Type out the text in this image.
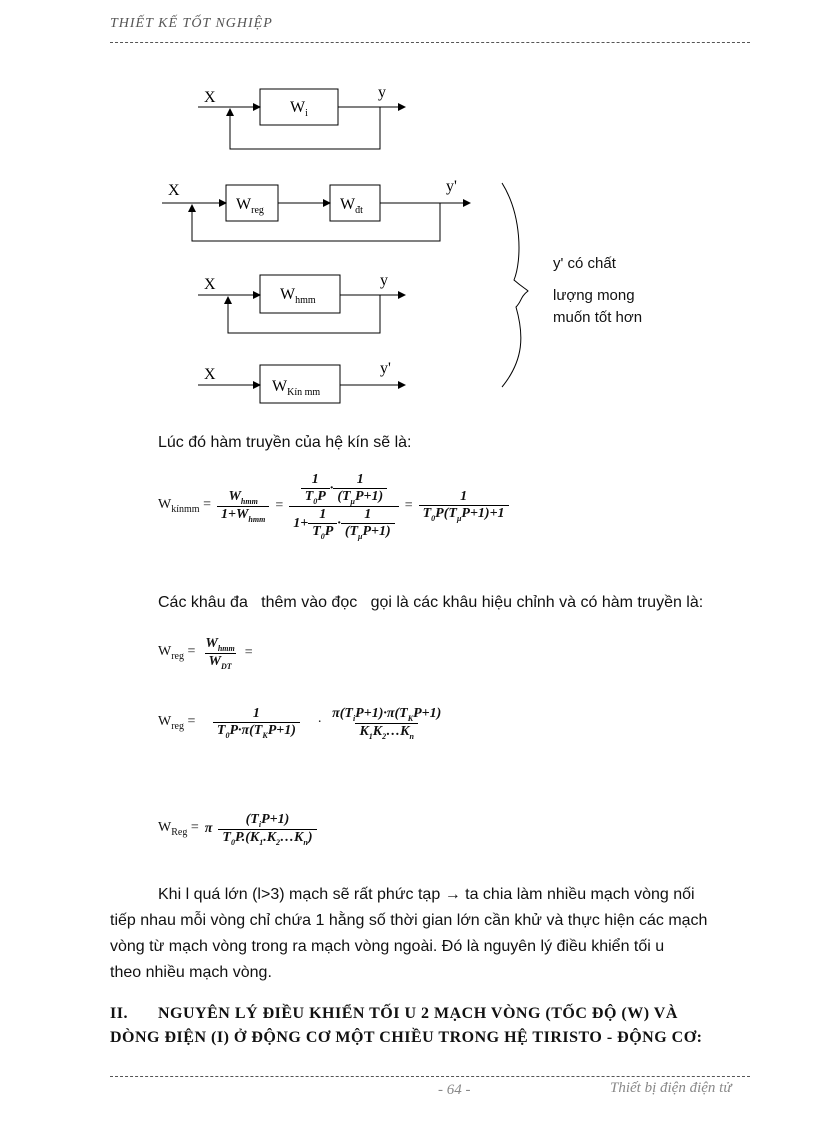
THIẾT KẾ TỐT NGHIỆP
X
$W_i$
y
X
$W_{reg}$	$W_{đt}$
y'
X
$W_{hmm}$
y
X
$W_{Kín mm}$
y'
y' có chất
lượng mong
muốn tốt hơn
Lúc đó hàm truyền của hệ kín sẽ là:
$W_{kínmm} = \frac{W_{hmm}}{1+W_{hmm}} = \frac{\frac{1}{T_0P} \cdot \frac{1}{(T_\mu P+1)}}{1+ \frac{1}{T_0P} \cdot \frac{1}{(T_\mu P+1)}} = \frac{1}{T_0P(T_\mu P+1)+1}$
Các khâu đa   thêm vào đọc   gọi là các khâu hiệu chỉnh và có hàm truyền là:
$W_{reg} = \frac{W_{hmm}}{W_{DT}}$ =
$W_{reg} = \frac{1}{T_0P\cdot\pi(T_KP+1)} \cdot \frac{\pi(T_iP+1)\cdot\pi(T_KP+1)}{K_1K_2\dots K_n}$
$W_{Reg} = \pi \frac{(T_iP+1)}{T_0P.(K_1.K_2\dots K_n)}$
Khi l quá lớn (l>3) mạch sẽ rất phức tạp → ta chia làm nhiều mạch vòng nối
tiếp nhau mỗi vòng chỉ chứa 1 hằng số thời gian lớn cần khử và thực hiện các mạch
vòng từ mạch vòng trong ra mạch vòng ngoài. Đó là nguyên lý điều khiển tối u
theo nhiều mạch vòng.
II. NGUYÊN LÝ ĐIỀU KHIỂN TỐI U 2 MẠCH VÒNG (TỐC ĐỘ (W) VÀ
DÒNG ĐIỆN (I) Ở ĐỘNG CƠ MỘT CHIỀU TRONG HỆ TIRISTO - ĐỘNG CƠ:
- 64 -	Thiết bị điện điện tử
